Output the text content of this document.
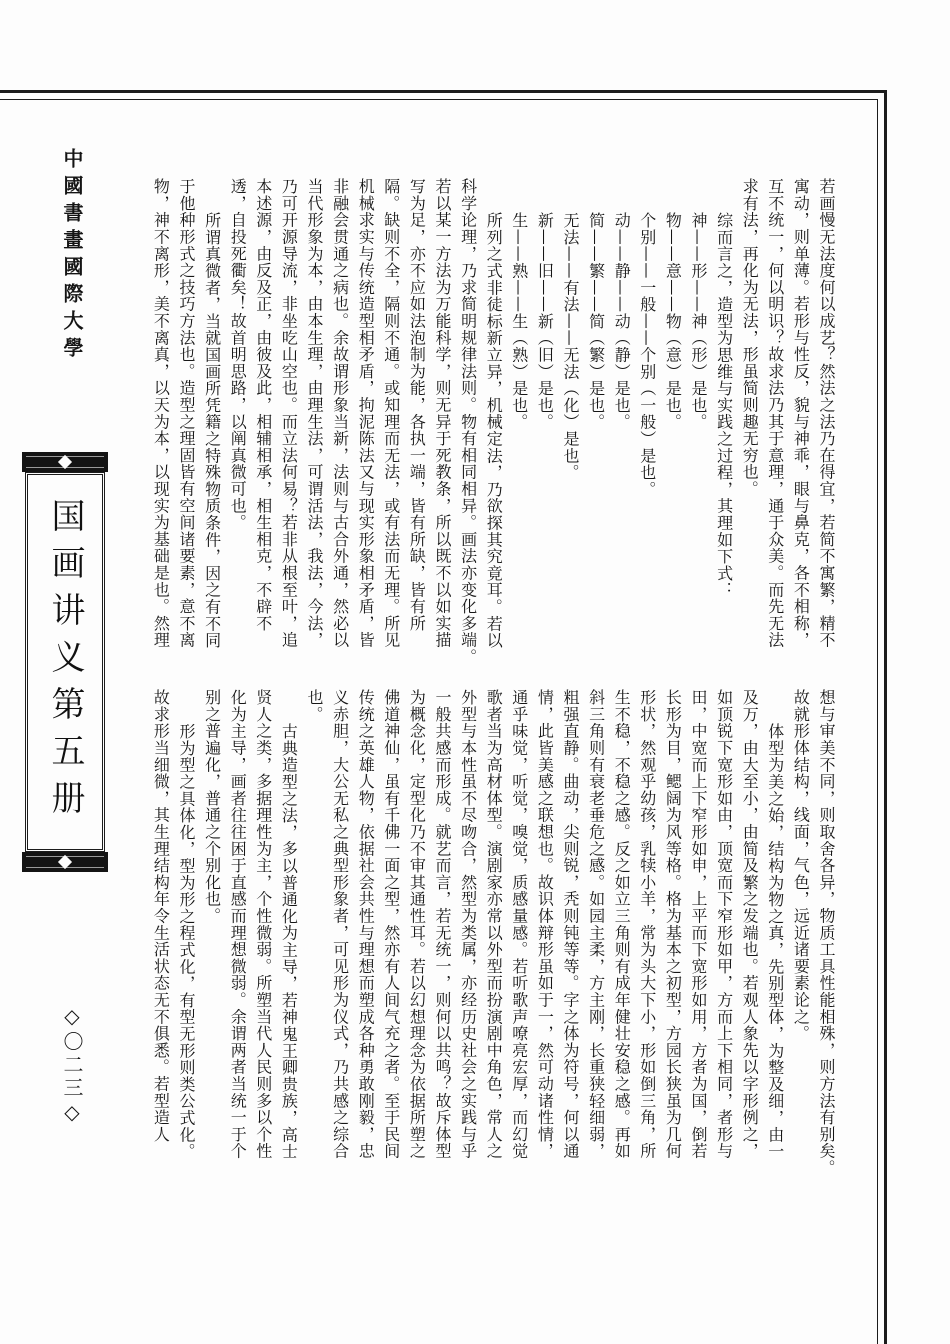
中國書畫國際大學
国画讲义第五册
◇〇二三◇
若画慢无法度何以成艺？然法之法乃在得宜，若简不寓繁，精不
寓动，则单薄。若形与性反，貌与神乖，眼与鼻克，各不相称，
互不统一，何以明识？故求法乃其于意理，通于众美。而先无法
求有法，再化为无法，形虽简则趣无穷也。
综而言之，造型为思维与实践之过程，其理如下式：
神——形——神（形）是也。
物——意——物（意）是也。
个别——一般——个别（一般）是也。
动——静——动（静）是也。
简——繁——简（繁）是也。
无法——有法——无法（化）是也。
新——旧——新（旧）是也。
生——熟——生（熟）是也。
所列之式非徒标新立异，机械定法，乃欲探其究竟耳。若以
科学论理，乃求简明规律法则。物有相同相异。画法亦变化多端。
若以某一方法为万能科学，则无异于死教条，所以既不以如实描
写为足，亦不应如法泡制为能，各执一端，皆有所缺，皆有所
隔。缺则不全，隔则不通。或知理而无法，或有法而无理。所见
机械求实与传统造型相矛盾，拘泥陈法又与现实形象相矛盾，皆
非融会贯通之病也。余故谓形象当新，法则与古合外通，然必以
当代形象为本，由本生理，由理生法，可谓活法，我法，今法，
乃可开源导流，非坐吃山空也。而立法何易？若非从根至叶，追
本述源，由反及正，由彼及此，相辅相承，相生相克，不辟不
透，自投死衢矣！故首明思路，以阐真微可也。
所谓真微者，当就国画所凭籍之特殊物质条件，因之有不同
于他种形式之技巧方法也。造型之理固皆有空间诸要素，意不离
物，神不离形，美不离真，以天为本，以现实为基础是也。然理
想与审美不同，则取舍各异，物质工具性能相殊，则方法有别矣。
故就形体结构，线面，气色，远近诸要素论之。
体型为美之始，结构为物之真，先别型体，为整及细，由一
及万，由大至小，由简及繁之发端也。若观人象先以字形例之，
如顶锐下宽形如由，顶宽而下窄形如甲，方而上下相同，者形与
田，中宽而上下窄形如申，上平而下宽形如用，方者为国，倒若
长形为目，鳃阔为风等格。格为基本之初型，方园长狭虽为几何
形状，然观乎幼孩，乳犊小羊，常为头大下小，形如倒三角，所
生不稳，不稳之感。反之如立三角则有成年健壮安稳之感。再如
斜三角则有衰老垂危之感。如园主柔，方主刚，长重狭轻细弱，
粗强直静。曲动，尖则锐，秃则钝等等。字之体为符号，何以通
情，此皆美感之联想也。故识体辩形虽如于一，然可动诸性情，
通乎味觉，听觉，嗅觉，质感量感。若听歌声嘹亮宏厚，而幻觉
歌者当为高材体型。演剧家亦常以外型而扮演剧中角色，常人之
外型与本性虽不尽吻合，然型为类属，亦经历史社会之实践与乎
一般共感而形成。就艺而言，若无统一，则何以共鸣？故斥体型
为概念化，定型化乃不审其通性耳。若以幻想理念为依据所塑之
佛道神仙，虽有千佛一面之型，然亦有人间气充之者。至于民间
传统之英雄人物，依据社会共性与理想而塑成各种勇敢刚毅，忠
义赤胆，大公无私之典型形象者，可见形为仪式，乃共感之综合
也。
古典造型之法，多以普通化为主导，若神鬼王卿贵族，高士
贤人之类，多据理性为主，个性微弱。所塑当代人民则多以个性
化为主导，画者往往困于直感而理想微弱。余谓两者当统一于个
别之普遍化，普通之个别化也。
形为型之具体化，型为形之程式化，有型无形则类公式化。
故求形当细微，其生理结构年令生活状态无不俱悉。若型造人
